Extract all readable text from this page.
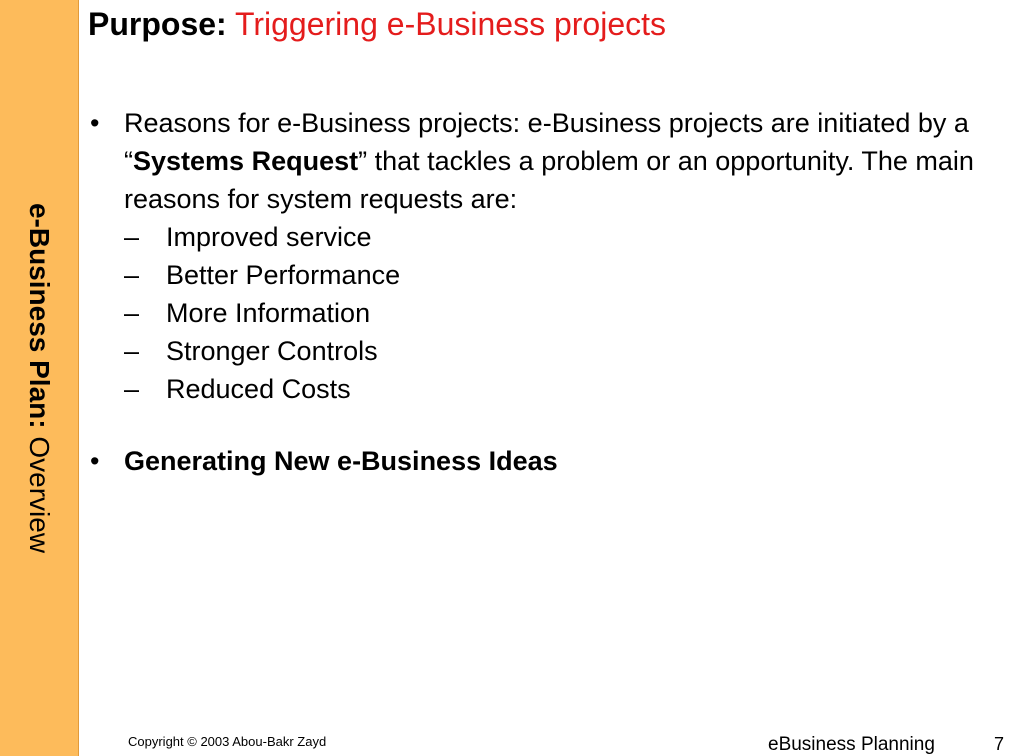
e-Business Plan: Overview
Purpose: Triggering e-Business projects
• Reasons for e-Business projects: e-Business projects are initiated by a “Systems Request” that tackles a problem or an opportunity. The main reasons for system requests are:
– Improved service
– Better Performance
– More Information
– Stronger Controls
– Reduced Costs
• Generating New e-Business Ideas
Copyright © 2003 Abou-Bakr Zayd	eBusiness Planning	7
